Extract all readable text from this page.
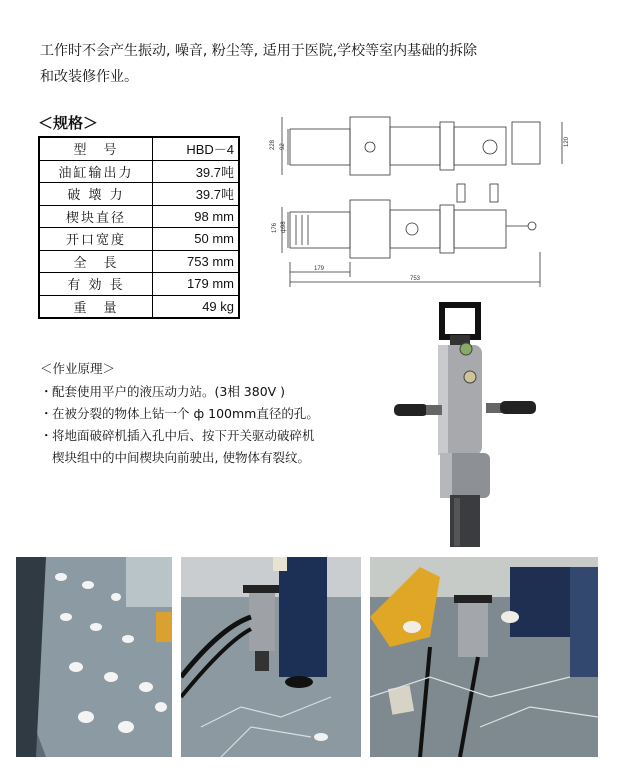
工作时不会产生振动, 噪音, 粉尘等, 适用于医院,学校等室内基础的拆除
和改装修作业。
＜规格＞
型　号	HBD－4
油缸输出力	39.7吨
破 壊 力	39.7吨
楔块直径	98 mm
开口宽度	50 mm
全　長	753 mm
有 効 長	179 mm
重　量	49 kg
＜作业原理＞
・ 配套使用平户的液压动力站。(3相 380V )
・ 在被分裂的物体上钻一个 ф 100mm直径的孔。
・ 将地面破碎机插入孔中后、按下开关驱动破碎机
楔块组中的中间楔块向前驶出, 使物体有裂纹。
228 92	120
176 ф98
179
753
